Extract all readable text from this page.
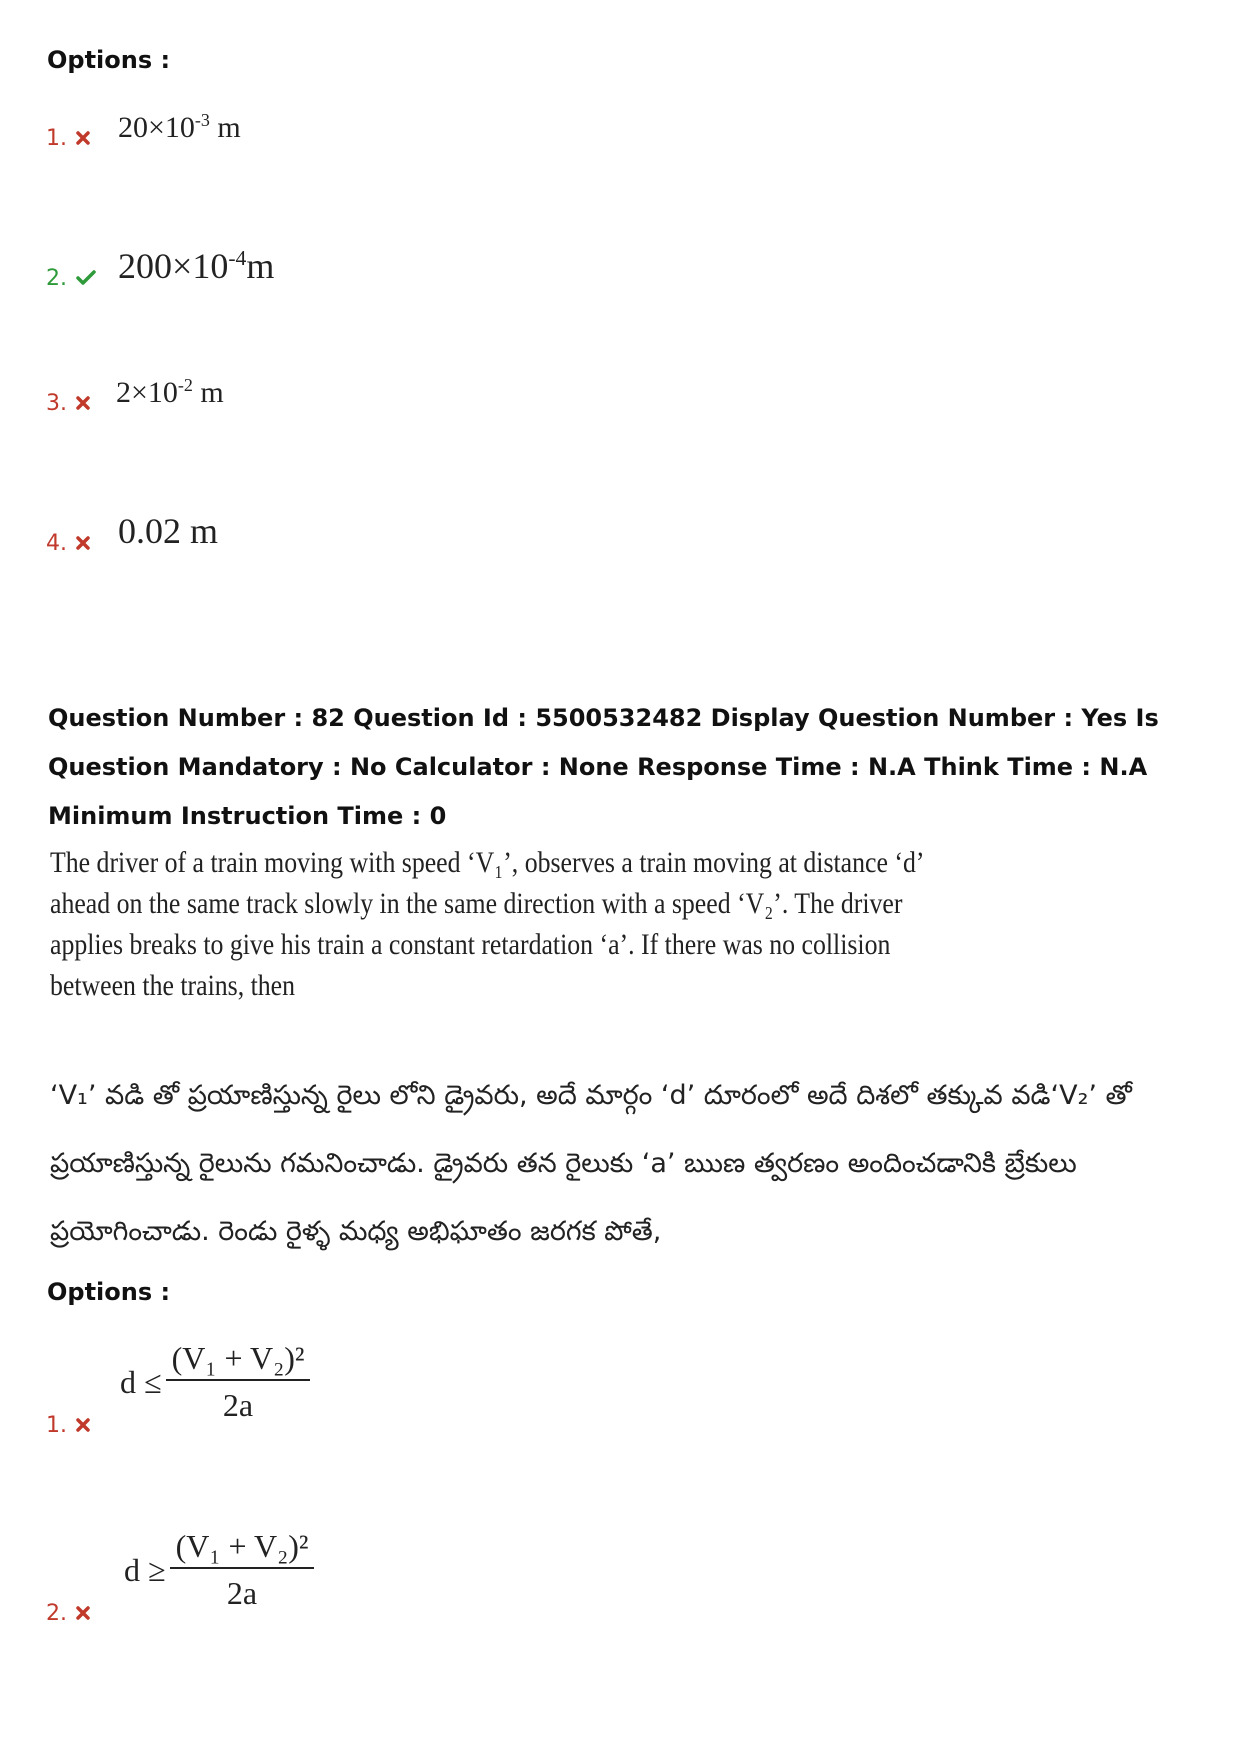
Options :
1.	$20\times 10^{-3}$ m
2. $200\times 10^{-4}m$
3.	$2\times 10^{-2}$ m
4. 0.02 m
Question Number : 82 Question Id : 5500532482 Display Question Number : Yes Is Question Mandatory : No Calculator : None Response Time : N.A Think Time : N.A Minimum Instruction Time : 0
The driver of a train moving with speed ‘V₁’, observes a train moving at distance ‘d’ ahead on the same track slowly in the same direction with a speed ‘V₂’. The driver applies breaks to give his train a constant retardation ‘a’. If there was no collision between the trains, then
‘V₁’ వడి తో ప్రయాణిస్తున్న రైలు లోని డ్రైవరు, అదే మార్గం ‘d’ దూరంలో అదే దిశలో తక్కువ వడి‘V₂’ తో ప్రయాణిస్తున్న రైలును గమనించాడు. డ్రైవరు తన రైలుకు ‘a’ ఋణ త్వరణం అందించడానికి బ్రేకులు ప్రయోగించాడు. రెండు రైళ్ళ మధ్య అభిఘాతం జరగక పోతే,
Options :
1.
d
≤ $\frac{\text{(V₁ + V₂)²}}{2a}$
2.
d
≥ $\frac{\text{(V₁ + V₂)²}}{2a}$
